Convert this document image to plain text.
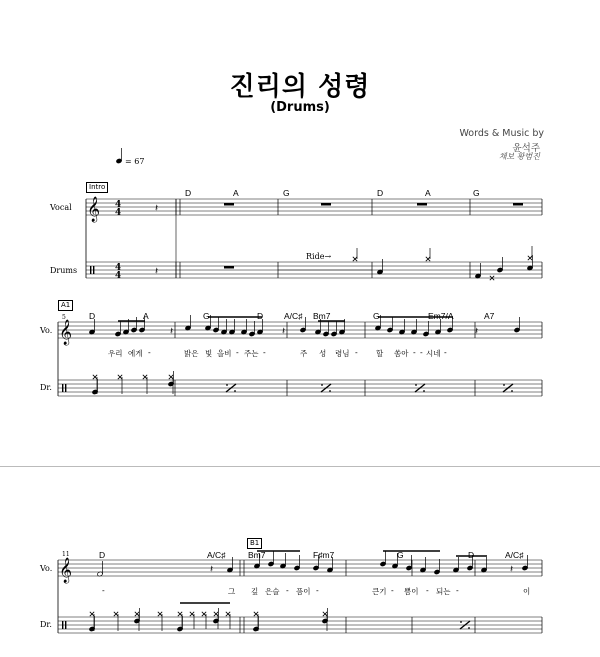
진리의 성령
(Drums)
Words & Music by
윤석주
채보 황범진
= 67
Intro
Vocal
Drums
D	A	G	D	A	G
Ride→
A1
5
Vo.
Dr.
D	A	G	D A/C♯ Bm7	G	Em7/A	A7
우리 에게 -	밝은 빛 을비 - 주는 -	주 성 령님 - 할 쏨아 - - 시네 -
B1
11
Vo.
Dr.
D	A/C♯	Bm7	F♯m7	G	D	A/C♯
-	그 깊 은슬 - 픔이 -	큰기 - 쁨이 - 되는 -	이
𝄞 4
4
4
4
𝄽
𝄽
𝄞	𝄽	𝄽	𝄽
𝄞	𝄽	𝄽
